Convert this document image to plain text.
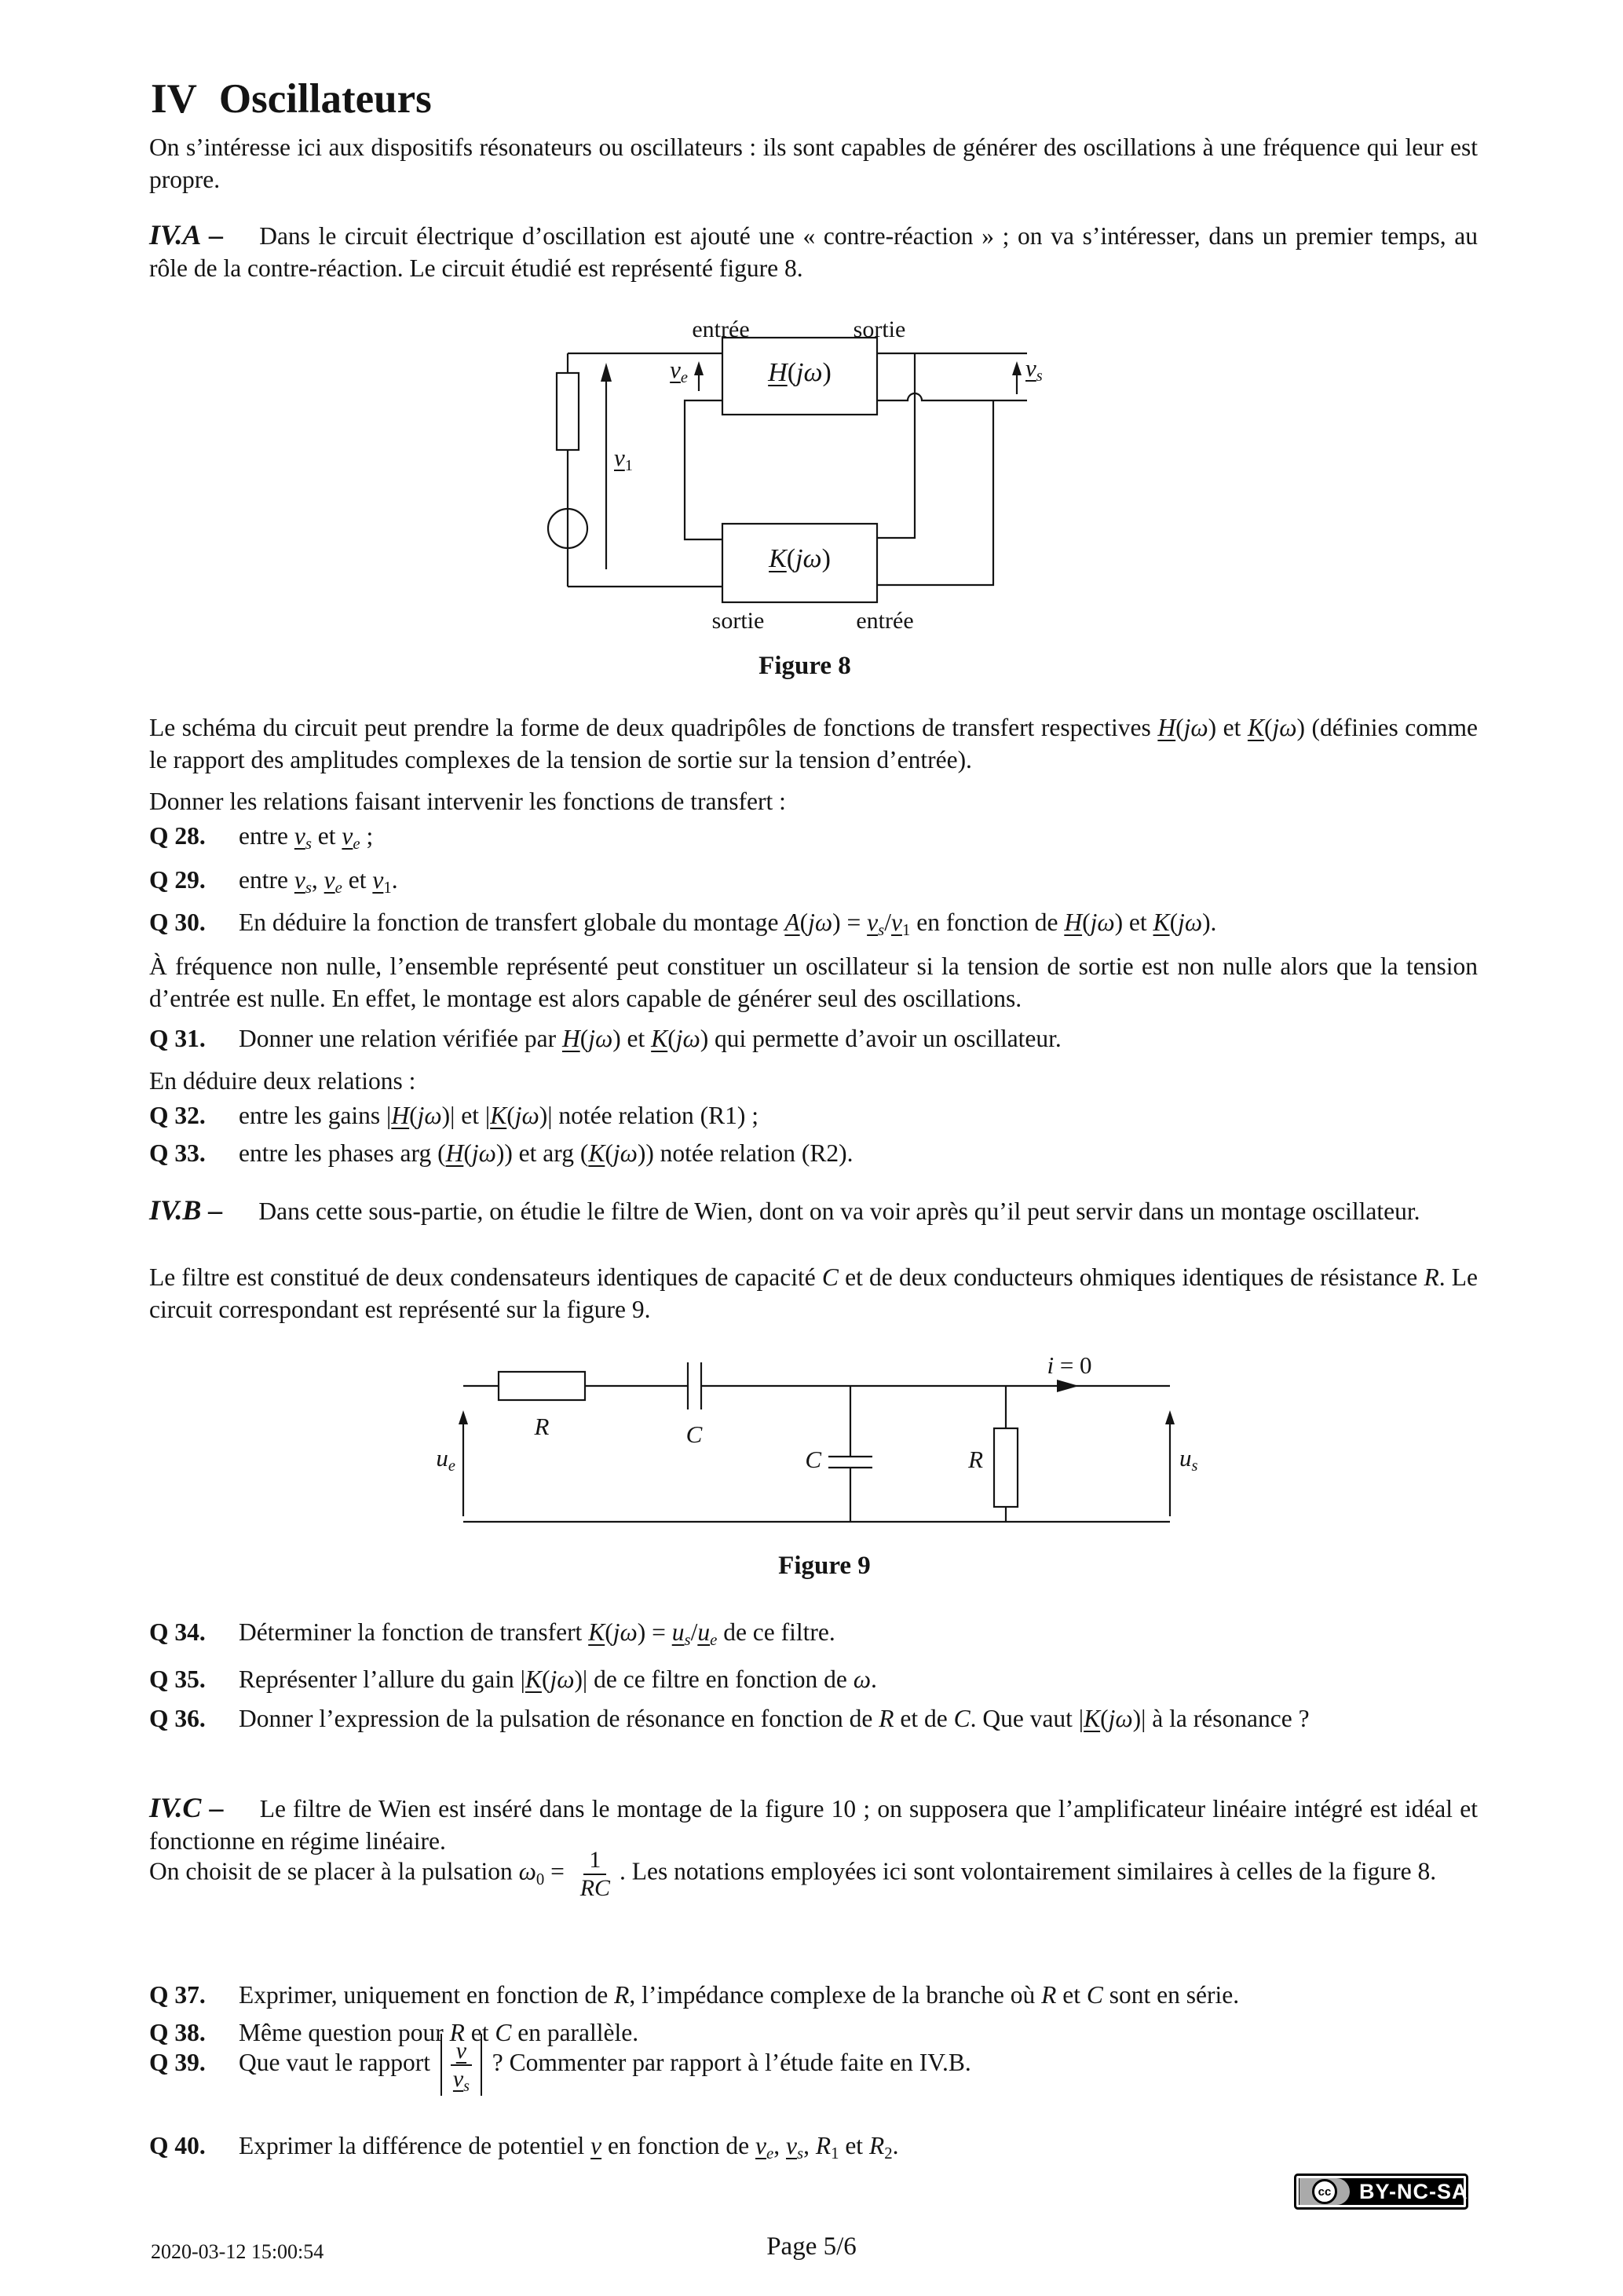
IV Oscillateurs

On s’intéresse ici aux dispositifs résonateurs ou oscillateurs : ils sont capables de générer des oscillations à une fréquence qui leur est propre.

IV.A – Dans le circuit électrique d’oscillation est ajouté une « contre-réaction » ; on va s’intéresser, dans un premier temps, au rôle de la contre-réaction. Le circuit étudié est représenté figure 8.

entrée	sortie
H(jω)
K(jω)
$v_e$
$v_1$
$v_s$
sortie	entrée
Figure 8

Le schéma du circuit peut prendre la forme de deux quadripôles de fonctions de transfert respectives H(jω) et K(jω) (définies comme le rapport des amplitudes complexes de la tension de sortie sur la tension d’entrée).

Donner les relations faisant intervenir les fonctions de transfert :

Q 28. entre $v_s$ et $v_e$ ;

Q 29. entre $v_s$, $v_e$ et $v_1$.

Q 30. En déduire la fonction de transfert globale du montage $A(j\omega) = v_s/v_1$ en fonction de H(jω) et K(jω).

À fréquence non nulle, l’ensemble représenté peut constituer un oscillateur si la tension de sortie est non nulle alors que la tension d’entrée est nulle. En effet, le montage est alors capable de générer seul des oscillations.

Q 31. Donner une relation vérifiée par H(jω) et K(jω) qui permette d’avoir un oscillateur.

En déduire deux relations :

Q 32. entre les gains |H(jω)| et |K(jω)| notée relation (R1) ;

Q 33. entre les phases arg (H(jω)) et arg (K(jω)) notée relation (R2).

IV.B – Dans cette sous-partie, on étudie le filtre de Wien, dont on va voir après qu’il peut servir dans un montage oscillateur.

Le filtre est constitué de deux condensateurs identiques de capacité C et de deux conducteurs ohmiques identiques de résistance R. Le circuit correspondant est représenté sur la figure 9.

R	C
C	R
i = 0
$u_e$	$u_s$
Figure 9

Q 34. Déterminer la fonction de transfert $K(j\omega) = u_s/u_e$ de ce filtre.

Q 35. Représenter l’allure du gain |K(jω)| de ce filtre en fonction de ω.

Q 36. Donner l’expression de la pulsation de résonance en fonction de R et de C. Que vaut |K(jω)| à la résonance ?

IV.C – Le filtre de Wien est inséré dans le montage de la figure 10 ; on supposera que l’amplificateur linéaire intégré est idéal et fonctionne en régime linéaire.

On choisit de se placer à la pulsation $\omega_0 = \frac{1}{RC}$ . Les notations employées ici sont volontairement similaires à celles de la figure 8.

Q 37. Exprimer, uniquement en fonction de R, l’impédance complexe de la branche où R et C sont en série.

Q 38. Même question pour R et C en parallèle.

Q 39. Que vaut le rapport $\frac{v}{v_s}$ ? Commenter par rapport à l’étude faite en IV.B.

Q 40. Exprimer la différence de potentiel v en fonction de $v_e$, $v_s$, $R_1$ et $R_2$.

2020-03-12 15:00:54	Page 5/6
cc BY-NC-SA
